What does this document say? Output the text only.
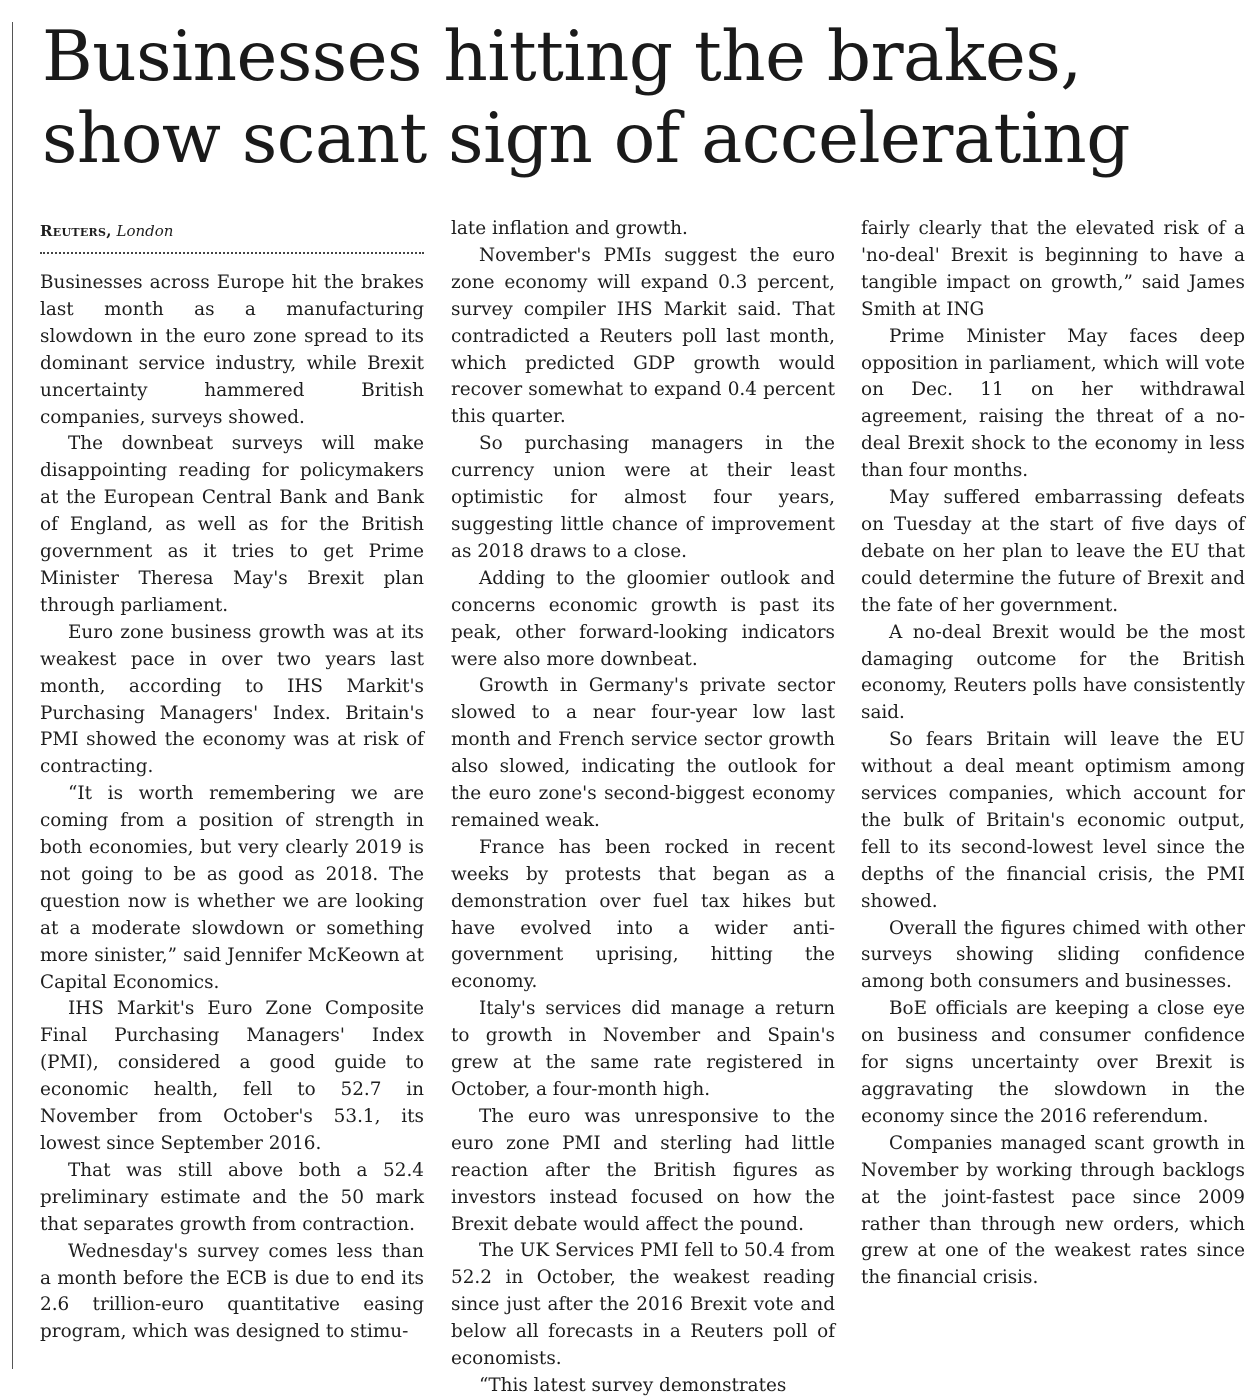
Businesses hitting the brakes,
show scant sign of accelerating
Reuters, London

Businesses across Europe hit the brakes last month as a manufacturing slowdown in the euro zone spread to its dominant service industry, while Brexit uncertainty hammered British companies, surveys showed.

The downbeat surveys will make disappointing reading for policymakers at the European Central Bank and Bank of England, as well as for the British government as it tries to get Prime Minister Theresa May's Brexit plan through parliament.

Euro zone business growth was at its weakest pace in over two years last month, according to IHS Markit's Purchasing Managers' Index. Britain's PMI showed the economy was at risk of contracting.

“It is worth remembering we are coming from a position of strength in both economies, but very clearly 2019 is not going to be as good as 2018. The question now is whether we are looking at a moderate slowdown or something more sinister,” said Jennifer McKeown at Capital Economics.

IHS Markit's Euro Zone Composite Final Purchasing Managers' Index (PMI), considered a good guide to economic health, fell to 52.7 in November from October's 53.1, its lowest since September 2016.

That was still above both a 52.4 preliminary estimate and the 50 mark that separates growth from contraction.

Wednesday's survey comes less than a month before the ECB is due to end its 2.6 trillion-euro quantitative easing program, which was designed to stimu-

late inflation and growth.

November's PMIs suggest the euro zone economy will expand 0.3 percent, survey compiler IHS Markit said. That contradicted a Reuters poll last month, which predicted GDP growth would recover somewhat to expand 0.4 percent this quarter.

So purchasing managers in the currency union were at their least optimistic for almost four years, suggesting little chance of improvement as 2018 draws to a close.

Adding to the gloomier outlook and concerns economic growth is past its peak, other forward-looking indicators were also more downbeat.

Growth in Germany's private sector slowed to a near four-year low last month and French service sector growth also slowed, indicating the outlook for the euro zone's second-biggest economy remained weak.

France has been rocked in recent weeks by protests that began as a demonstration over fuel tax hikes but have evolved into a wider anti-government uprising, hitting the economy.

Italy's services did manage a return to growth in November and Spain's grew at the same rate registered in October, a four-month high.

The euro was unresponsive to the euro zone PMI and sterling had little reaction after the British figures as investors instead focused on how the Brexit debate would affect the pound.

The UK Services PMI fell to 50.4 from 52.2 in October, the weakest reading since just after the 2016 Brexit vote and below all forecasts in a Reuters poll of economists.

“This latest survey demonstrates

fairly clearly that the elevated risk of a 'no-deal' Brexit is beginning to have a tangible impact on growth,” said James Smith at ING

Prime Minister May faces deep opposition in parliament, which will vote on Dec. 11 on her withdrawal agreement, raising the threat of a no-deal Brexit shock to the economy in less than four months.

May suffered embarrassing defeats on Tuesday at the start of five days of debate on her plan to leave the EU that could determine the future of Brexit and the fate of her government.

A no-deal Brexit would be the most damaging outcome for the British economy, Reuters polls have consistently said.

So fears Britain will leave the EU without a deal meant optimism among services companies, which account for the bulk of Britain's economic output, fell to its second-lowest level since the depths of the financial crisis, the PMI showed.

Overall the figures chimed with other surveys showing sliding confidence among both consumers and businesses.

BoE officials are keeping a close eye on business and consumer confidence for signs uncertainty over Brexit is aggravating the slowdown in the economy since the 2016 referendum.

Companies managed scant growth in November by working through backlogs at the joint-fastest pace since 2009 rather than through new orders, which grew at one of the weakest rates since the financial crisis.
